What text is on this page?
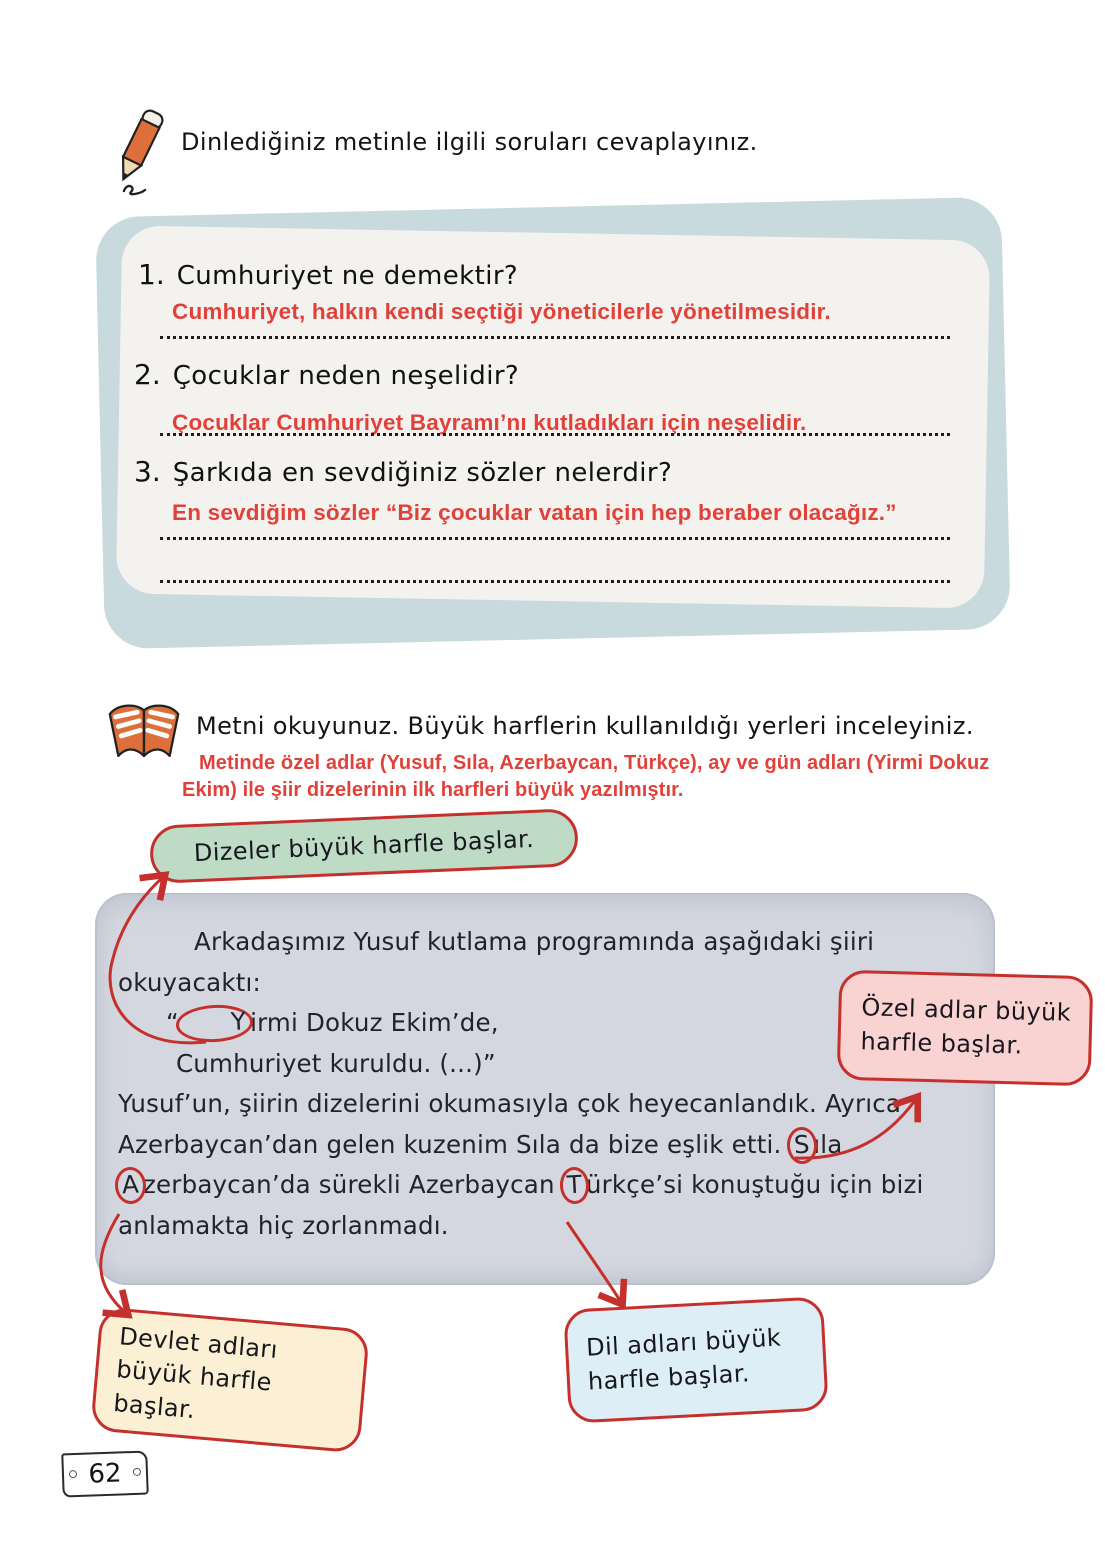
Dinlediğiniz metinle ilgili soruları cevaplayınız.
1. Cumhuriyet ne demektir?
Cumhuriyet, halkın kendi seçtiği yöneticilerle yönetilmesidir.
2. Çocuklar neden neşelidir?
Çocuklar Cumhuriyet Bayramı’nı kutladıkları için neşelidir.
3. Şarkıda en sevdiğiniz sözler nelerdir?
En sevdiğim sözler “Biz çocuklar vatan için hep beraber olacağız.”
Metni okuyunuz. Büyük harflerin kullanıldığı yerleri inceleyiniz.
Metinde özel adlar (Yusuf, Sıla, Azerbaycan, Türkçe), ay ve gün adları (Yirmi Dokuz
Ekim) ile şiir dizelerinin ilk harfleri büyük yazılmıştır.
Dizeler büyük harfle başlar.

Arkadaşımız Yusuf kutlama programında aşağıdaki şiiri

okuyacaktı:

“ Y irmi Dokuz Ekim’de,

Cumhuriyet kuruldu. (...)”

Yusuf’un, şiirin dizelerini okumasıyla çok heyecanlandık. Ayrıca

Azerbaycan’dan gelen kuzenim Sıla da bize eşlik etti. S ıla

A zerbaycan’da sürekli Azerbaycan T ürkçe’si konuştuğu için bizi

anlamakta hiç zorlanmadı.

Özel adlar büyük harfle başlar.
Devlet adları büyük harfle başlar.
Dil adları büyük harfle başlar.
62
